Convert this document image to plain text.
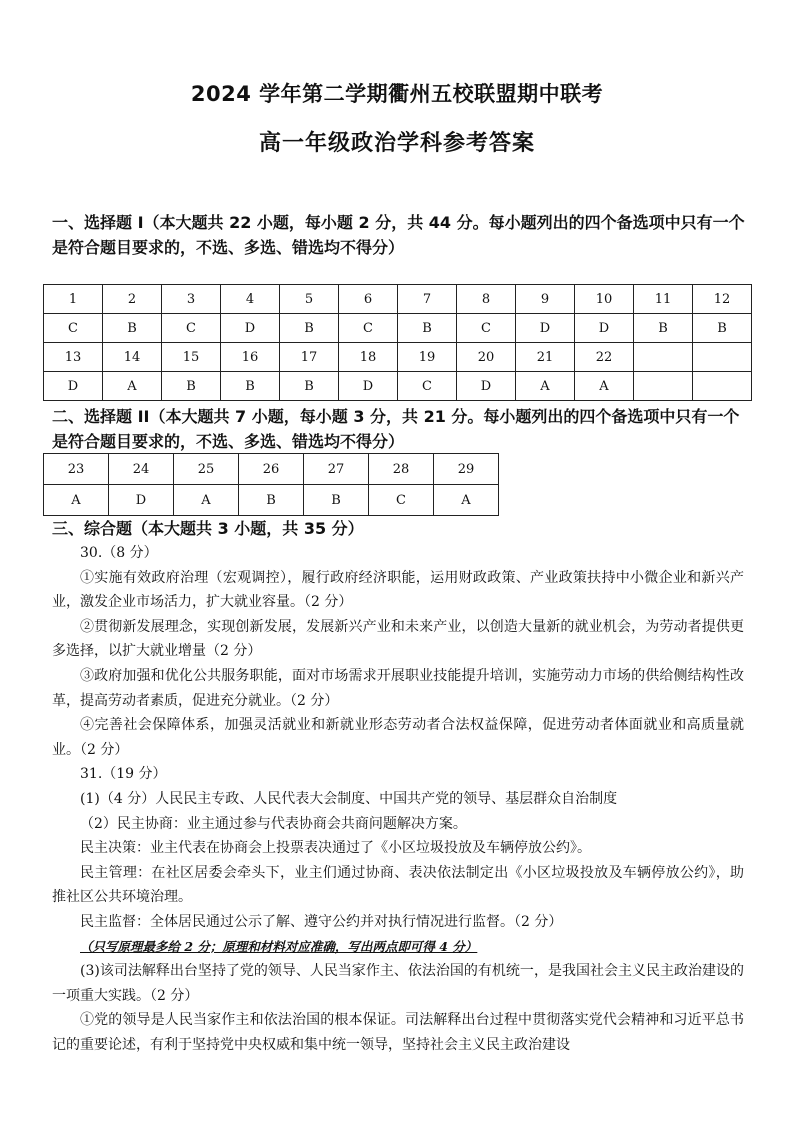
2024 学年第二学期衢州五校联盟期中联考
高一年级政治学科参考答案
一、选择题 I（本大题共 22 小题，每小题 2 分，共 44 分。每小题列出的四个备选项中只有一个是符合题目要求的，不选、多选、错选均不得分）
1	2	3	4	5	6	7	8	9	10	11	12
C	B	C	D	B	C	B	C	D	D	B	B
13	14	15	16	17	18	19	20	21	22		
D	A	B	B	B	D	C	D	A	A		
二、选择题 II（本大题共 7 小题，每小题 3 分，共 21 分。每小题列出的四个备选项中只有一个是符合题目要求的，不选、多选、错选均不得分）
23	24	25	26	27	28	29
A	D	A	B	B	C	A
三、综合题（本大题共 3 小题，共 35 分）

30.（8 分）

①实施有效政府治理（宏观调控），履行政府经济职能，运用财政政策、产业政策扶持中小微企业和新兴产业，激发企业市场活力，扩大就业容量。（2 分）

②贯彻新发展理念，实现创新发展，发展新兴产业和未来产业，以创造大量新的就业机会，为劳动者提供更多选择，以扩大就业增量（2 分）

③政府加强和优化公共服务职能，面对市场需求开展职业技能提升培训，实施劳动力市场的供给侧结构性改革，提高劳动者素质，促进充分就业。（2 分）

④完善社会保障体系，加强灵活就业和新就业形态劳动者合法权益保障，促进劳动者体面就业和高质量就业。（2 分）

31.（19 分）

(1)（4 分）人民民主专政、人民代表大会制度、中国共产党的领导、基层群众自治制度

（2）民主协商：业主通过参与代表协商会共商问题解决方案。

民主决策：业主代表在协商会上投票表决通过了《小区垃圾投放及车辆停放公约》。

民主管理：在社区居委会牵头下，业主们通过协商、表决依法制定出《小区垃圾投放及车辆停放公约》，助推社区公共环境治理。

民主监督：全体居民通过公示了解、遵守公约并对执行情况进行监督。（2 分）

（只写原理最多给 2 分；原理和材料对应准确，写出两点即可得 4 分）

(3)该司法解释出台坚持了党的领导、人民当家作主、依法治国的有机统一，是我国社会主义民主政治建设的一项重大实践。（2 分）

①党的领导是人民当家作主和依法治国的根本保证。司法解释出台过程中贯彻落实党代会精神和习近平总书记的重要论述，有利于坚持党中央权威和集中统一领导，坚持社会主义民主政治建设
